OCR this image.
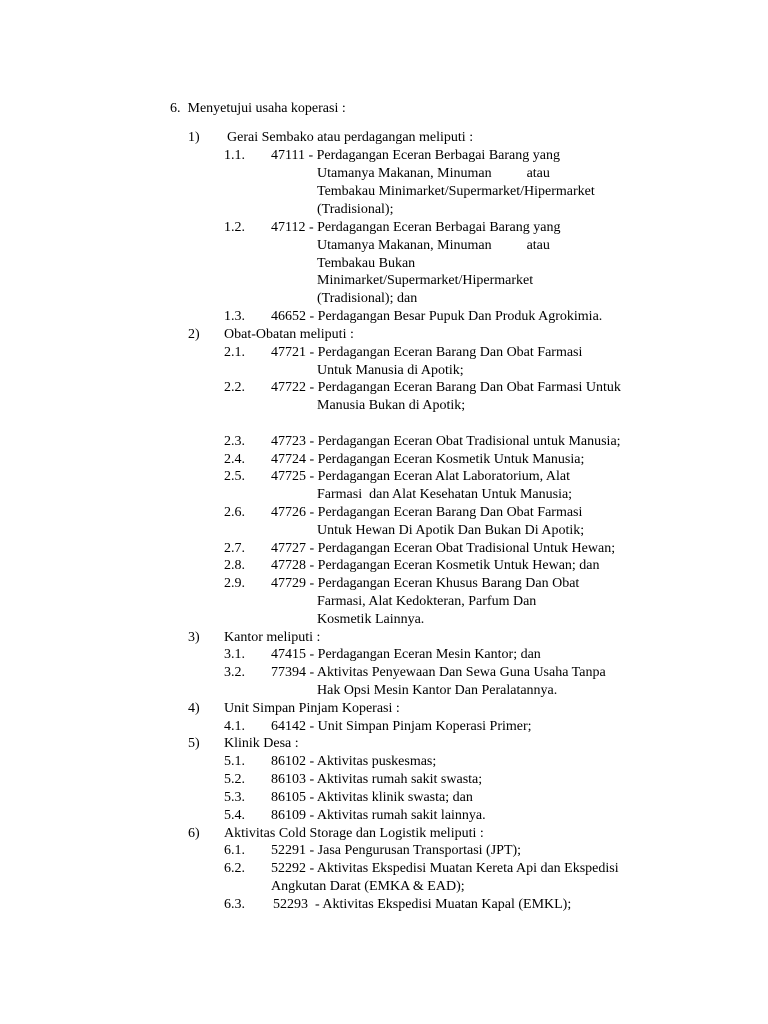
6.  Menyetujui usaha koperasi :
1) Gerai Sembako atau perdagangan meliputi :
1.1. 47111 - Perdagangan Eceran Berbagai Barang yang
Utamanya Makanan, Minuman          atau
Tembakau Minimarket/Supermarket/Hipermarket
(Tradisional);
1.2. 47112 - Perdagangan Eceran Berbagai Barang yang
Utamanya Makanan, Minuman          atau
Tembakau Bukan
Minimarket/Supermarket/Hipermarket
(Tradisional); dan
1.3. 46652 - Perdagangan Besar Pupuk Dan Produk Agrokimia.
2) Obat-Obatan meliputi :
2.1. 47721 - Perdagangan Eceran Barang Dan Obat Farmasi
Untuk Manusia di Apotik;
2.2. 47722 - Perdagangan Eceran Barang Dan Obat Farmasi Untuk
Manusia Bukan di Apotik;
2.3. 47723 - Perdagangan Eceran Obat Tradisional untuk Manusia;
2.4. 47724 - Perdagangan Eceran Kosmetik Untuk Manusia;
2.5. 47725 - Perdagangan Eceran Alat Laboratorium, Alat
Farmasi  dan Alat Kesehatan Untuk Manusia;
2.6. 47726 - Perdagangan Eceran Barang Dan Obat Farmasi
Untuk Hewan Di Apotik Dan Bukan Di Apotik;
2.7. 47727 - Perdagangan Eceran Obat Tradisional Untuk Hewan;
2.8. 47728 - Perdagangan Eceran Kosmetik Untuk Hewan; dan
2.9. 47729 - Perdagangan Eceran Khusus Barang Dan Obat
Farmasi, Alat Kedokteran, Parfum Dan
Kosmetik Lainnya.
3) Kantor meliputi :
3.1. 47415 - Perdagangan Eceran Mesin Kantor; dan
3.2. 77394 - Aktivitas Penyewaan Dan Sewa Guna Usaha Tanpa
Hak Opsi Mesin Kantor Dan Peralatannya.
4) Unit Simpan Pinjam Koperasi :
4.1. 64142 - Unit Simpan Pinjam Koperasi Primer;
5) Klinik Desa :
5.1. 86102 - Aktivitas puskesmas;
5.2. 86103 - Aktivitas rumah sakit swasta;
5.3. 86105 - Aktivitas klinik swasta; dan
5.4. 86109 - Aktivitas rumah sakit lainnya.
6) Aktivitas Cold Storage dan Logistik meliputi :
6.1. 52291 - Jasa Pengurusan Transportasi (JPT);
6.2. 52292 - Aktivitas Ekspedisi Muatan Kereta Api dan Ekspedisi
Angkutan Darat (EMKA & EAD);
6.3. 52293  - Aktivitas Ekspedisi Muatan Kapal (EMKL);
